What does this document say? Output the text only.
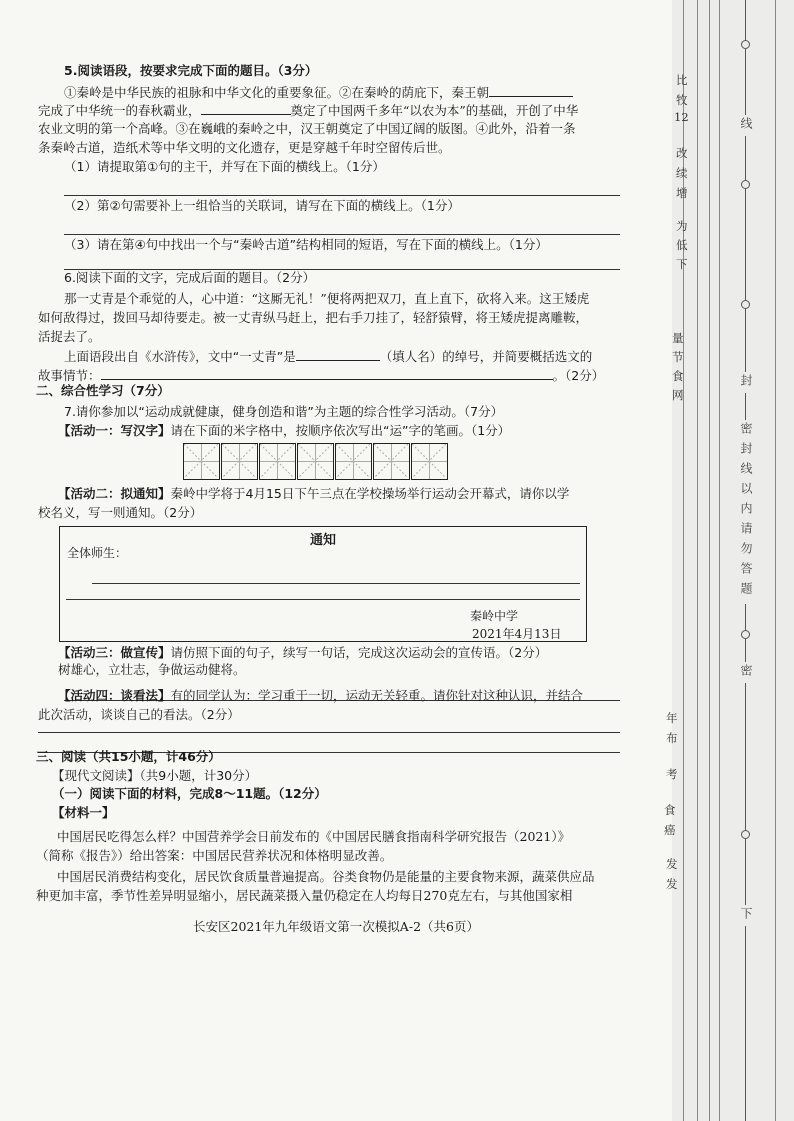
5.阅读语段，按要求完成下面的题目。（3分）
①秦岭是中华民族的祖脉和中华文化的重要象征。②在秦岭的荫庇下，秦王朝
完成了中华统一的春秋霸业，	奠定了中国两千多年“以农为本”的基础，开创了中华
农业文明的第一个高峰。③在巍峨的秦岭之中，汉王朝奠定了中国辽阔的版图。④此外，沿着一条
条秦岭古道，造纸术等中华文明的文化遗存，更是穿越千年时空留传后世。
（1）请提取第①句的主干，并写在下面的横线上。（1分）
（2）第②句需要补上一组恰当的关联词，请写在下面的横线上。（1分）
（3）请在第④句中找出一个与“秦岭古道”结构相同的短语，写在下面的横线上。（1分）
6.阅读下面的文字，完成后面的题目。（2分）
那一丈青是个乖觉的人，心中道：“这厮无礼！”便将两把双刀，直上直下，砍将入来。这王矮虎
如何敌得过，拨回马却待要走。被一丈青纵马赶上，把右手刀挂了，轻舒猿臂，将王矮虎提离雕鞍，
活捉去了。
上面语段出自《水浒传》，文中“一丈青”是	（填人名）的绰号，并简要概括选文的
故事情节：	。（2分）
二、综合性学习（7分）
7.请你参加以“运动成就健康，健身创造和谐”为主题的综合性学习活动。（7分）
【活动一：写汉字】请在下面的米字格中，按顺序依次写出“运”字的笔画。（1分）
【活动二：拟通知】秦岭中学将于4月15日下午三点在学校操场举行运动会开幕式，请你以学
校名义，写一则通知。（2分）
通知
全体师生：
秦岭中学
2021年4月13日
【活动三：做宣传】请仿照下面的句子，续写一句话，完成这次运动会的宣传语。（2分）
树雄心，立壮志，争做运动健将。
【活动四：谈看法】有的同学认为：学习重于一切，运动无关轻重。请你针对这种认识，并结合
此次活动，谈谈自己的看法。（2分）
三、阅读（共15小题，计46分）
【现代文阅读】（共9小题，计30分）
（一）阅读下面的材料，完成8～11题。（12分）
【材料一】
中国居民吃得怎么样？中国营养学会日前发布的《中国居民膳食指南科学研究报告（2021）》
（简称《报告》）给出答案：中国居民营养状况和体格明显改善。
中国居民消费结构变化，居民饮食质量普遍提高。谷类食物仍是能量的主要食物来源，蔬菜供应品
种更加丰富，季节性差异明显缩小，居民蔬菜摄入量仍稳定在人均每日270克左右，与其他国家相
长安区2021年九年级语文第一次模拟A-2（共6页）
比
牧
12
改
续
增
为
低
下
量
节
食
网
年
布
考
食
癌
发
发
线
封
密封线以内请勿答题
密
下
